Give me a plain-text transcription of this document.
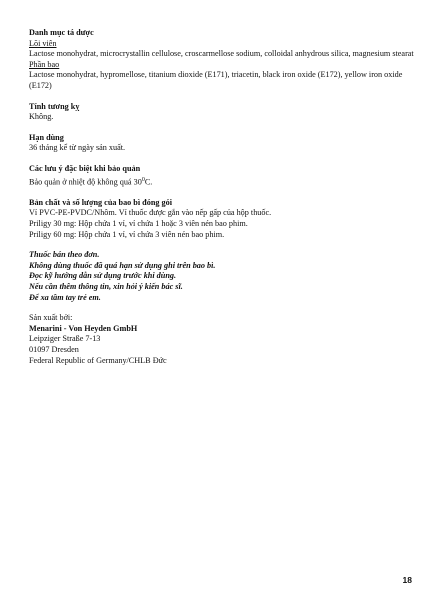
Danh mục tá dược
Lõi viên
Lactose monohydrat, microcrystallin cellulose, croscarmellose sodium, colloidal anhydrous silica, magnesium stearat
Phần bao
Lactose monohydrat, hypromellose, titanium dioxide (E171), triacetin, black iron oxide (E172), yellow iron oxide (E172)
Tính tương kỵ
Không.
Hạn dùng
36 tháng kể từ ngày sản xuất.
Các lưu ý đặc biệt khi bảo quản
Bảo quản ở nhiệt độ không quá $30^0C$.
Bản chất và số lượng của bao bì đóng gói
Vỉ PVC-PE-PVDC/Nhôm. Vỉ thuốc được gắn vào nếp gấp của hộp thuốc.
Priligy 30 mg: Hộp chứa 1 vỉ, vỉ chứa 1 hoặc 3 viên nén bao phim.
Priligy 60 mg: Hộp chứa 1 vỉ, vỉ chứa 3 viên nén bao phim.
Thuốc bán theo đơn.
Không dùng thuốc đã quá hạn sử dụng ghi trên bao bì.
Đọc kỹ hướng dẫn sử dụng trước khi dùng.
Nếu cần thêm thông tin, xin hỏi ý kiến bác sĩ.
Để xa tầm tay trẻ em.
Sản xuất bởi:
Menarini - Von Heyden GmbH
Leipziger Straße 7-13
01097 Dresden
Federal Republic of Germany/CHLB Đức
18
